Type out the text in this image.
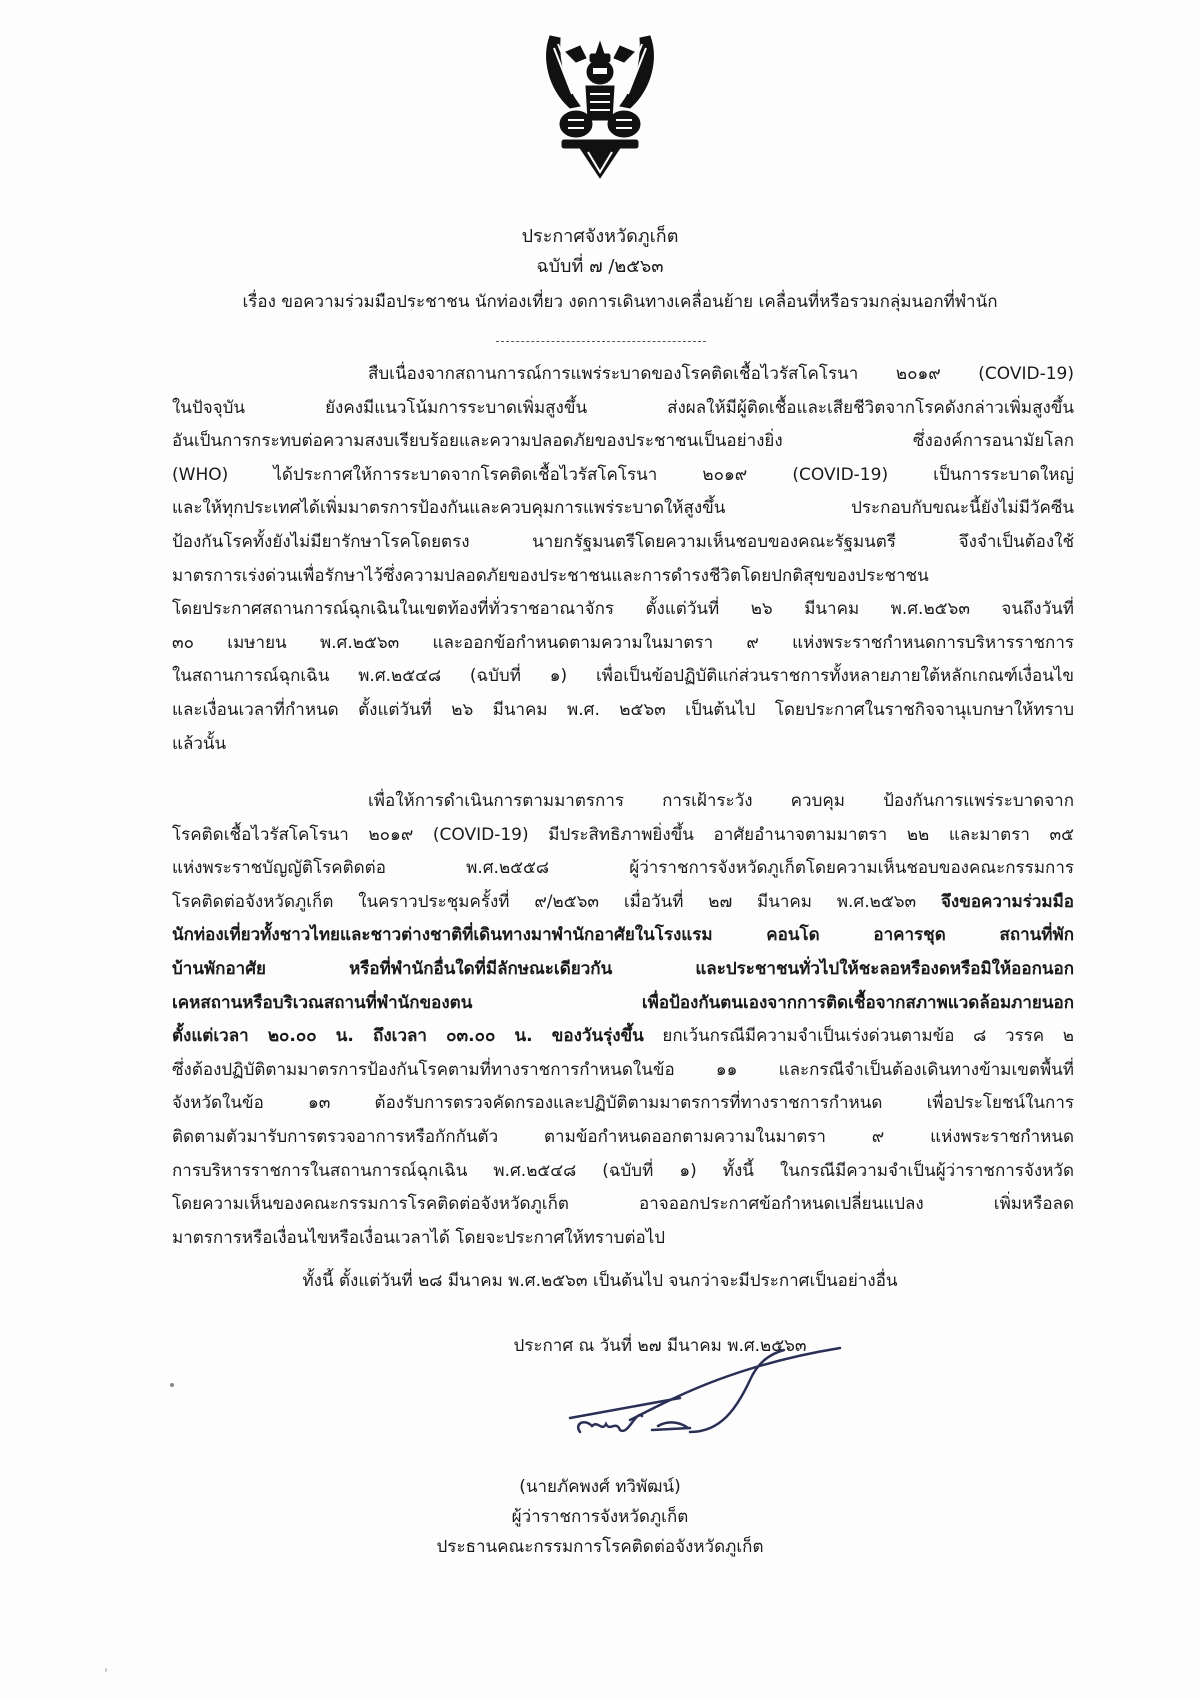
ประกาศจังหวัดภูเก็ต
ฉบับที่ ๗ /๒๕๖๓
เรื่อง ขอความร่วมมือประชาชน นักท่องเที่ยว งดการเดินทางเคลื่อนย้าย เคลื่อนที่หรือรวมกลุ่มนอกที่พำนัก
สืบเนื่องจากสถานการณ์การแพร่ระบาดของโรคติดเชื้อไวรัสโคโรนา ๒๐๑๙ (COVID-19)
ในปัจจุบัน ยังคงมีแนวโน้มการระบาดเพิ่มสูงขึ้น ส่งผลให้มีผู้ติดเชื้อและเสียชีวิตจากโรคดังกล่าวเพิ่มสูงขึ้น
อันเป็นการกระทบต่อความสงบเรียบร้อยและความปลอดภัยของประชาชนเป็นอย่างยิ่ง ซึ่งองค์การอนามัยโลก
(WHO) ได้ประกาศให้การระบาดจากโรคติดเชื้อไวรัสโคโรนา ๒๐๑๙ (COVID-19) เป็นการระบาดใหญ่
และให้ทุกประเทศได้เพิ่มมาตรการป้องกันและควบคุมการแพร่ระบาดให้สูงขึ้น ประกอบกับขณะนี้ยังไม่มีวัคซีน
ป้องกันโรคทั้งยังไม่มียารักษาโรคโดยตรง นายกรัฐมนตรีโดยความเห็นชอบของคณะรัฐมนตรี จึงจำเป็นต้องใช้
มาตรการเร่งด่วนเพื่อรักษาไว้ซึ่งความปลอดภัยของประชาชนและการดำรงชีวิตโดยปกติสุขของประชาชน
โดยประกาศสถานการณ์ฉุกเฉินในเขตท้องที่ทั่วราชอาณาจักร ตั้งแต่วันที่ ๒๖ มีนาคม พ.ศ.๒๕๖๓ จนถึงวันที่
๓๐ เมษายน พ.ศ.๒๕๖๓ และออกข้อกำหนดตามความในมาตรา ๙ แห่งพระราชกำหนดการบริหารราชการ
ในสถานการณ์ฉุกเฉิน พ.ศ.๒๕๔๘ (ฉบับที่ ๑) เพื่อเป็นข้อปฏิบัติแก่ส่วนราชการทั้งหลายภายใต้หลักเกณฑ์เงื่อนไข
และเงื่อนเวลาที่กำหนด ตั้งแต่วันที่ ๒๖ มีนาคม พ.ศ. ๒๕๖๓ เป็นต้นไป โดยประกาศในราชกิจจานุเบกษาให้ทราบ
แล้วนั้น
เพื่อให้การดำเนินการตามมาตรการ การเฝ้าระวัง ควบคุม ป้องกันการแพร่ระบาดจาก
โรคติดเชื้อไวรัสโคโรนา ๒๐๑๙ (COVID-19) มีประสิทธิภาพยิ่งขึ้น อาศัยอำนาจตามมาตรา ๒๒ และมาตรา ๓๕
แห่งพระราชบัญญัติโรคติดต่อ พ.ศ.๒๕๕๘ ผู้ว่าราชการจังหวัดภูเก็ตโดยความเห็นชอบของคณะกรรมการ
โรคติดต่อจังหวัดภูเก็ต ในคราวประชุมครั้งที่ ๙/๒๕๖๓ เมื่อวันที่ ๒๗ มีนาคม พ.ศ.๒๕๖๓ จึงขอความร่วมมือ
นักท่องเที่ยวทั้งชาวไทยและชาวต่างชาติที่เดินทางมาพำนักอาศัยในโรงแรม คอนโด อาคารชุด สถานที่พัก
บ้านพักอาศัย หรือที่พำนักอื่นใดที่มีลักษณะเดียวกัน และประชาชนทั่วไปให้ชะลอหรืองดหรือมิให้ออกนอก
เคหสถานหรือบริเวณสถานที่พำนักของตน เพื่อป้องกันตนเองจากการติดเชื้อจากสภาพแวดล้อมภายนอก
ตั้งแต่เวลา ๒๐.๐๐ น. ถึงเวลา ๐๓.๐๐ น. ของวันรุ่งขึ้น ยกเว้นกรณีมีความจำเป็นเร่งด่วนตามข้อ ๘ วรรค ๒
ซึ่งต้องปฏิบัติตามมาตรการป้องกันโรคตามที่ทางราชการกำหนดในข้อ ๑๑ และกรณีจำเป็นต้องเดินทางข้ามเขตพื้นที่
จังหวัดในข้อ ๑๓ ต้องรับการตรวจคัดกรองและปฏิบัติตามมาตรการที่ทางราชการกำหนด เพื่อประโยชน์ในการ
ติดตามตัวมารับการตรวจอาการหรือกักกันตัว ตามข้อกำหนดออกตามความในมาตรา ๙ แห่งพระราชกำหนด
การบริหารราชการในสถานการณ์ฉุกเฉิน พ.ศ.๒๕๔๘ (ฉบับที่ ๑) ทั้งนี้ ในกรณีมีความจำเป็นผู้ว่าราชการจังหวัด
โดยความเห็นของคณะกรรมการโรคติดต่อจังหวัดภูเก็ต อาจออกประกาศข้อกำหนดเปลี่ยนแปลง เพิ่มหรือลด
มาตรการหรือเงื่อนไขหรือเงื่อนเวลาได้ โดยจะประกาศให้ทราบต่อไป
ทั้งนี้ ตั้งแต่วันที่ ๒๘ มีนาคม พ.ศ.๒๕๖๓ เป็นต้นไป จนกว่าจะมีประกาศเป็นอย่างอื่น
ประกาศ ณ วันที่ ๒๗ มีนาคม พ.ศ.๒๕๖๓
(นายภัคพงศ์ ทวิพัฒน์)
ผู้ว่าราชการจังหวัดภูเก็ต
ประธานคณะกรรมการโรคติดต่อจังหวัดภูเก็ต
